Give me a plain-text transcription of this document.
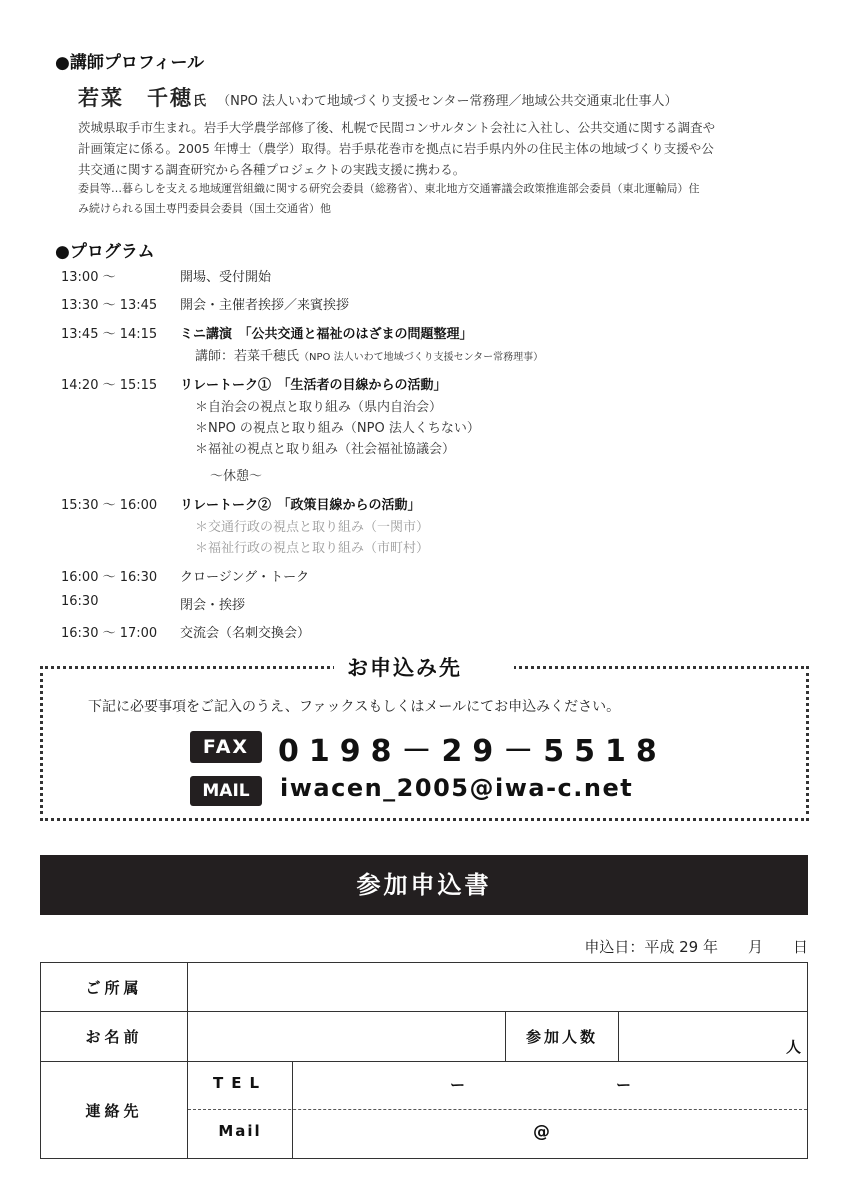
●講師プロフィール
若菜　千穂氏 （NPO 法人いわて地域づくり支援センター常務理／地域公共交通東北仕事人）
茨城県取手市生まれ。岩手大学農学部修了後、札幌で民間コンサルタント会社に入社し、公共交通に関する調査や
計画策定に係る。2005 年博士（農学）取得。岩手県花巻市を拠点に岩手県内外の住民主体の地域づくり支援や公
共交通に関する調査研究から各種プロジェクトの実践支援に携わる。
委員等…暮らしを支える地域運営組織に関する研究会委員（総務省）、東北地方交通審議会政策推進部会委員（東北運輸局）住
み続けられる国土専門委員会委員（国土交通省）他
●プログラム
13:00 〜	開場、受付開始
13:30 〜 13:45 開会・主催者挨拶／来賓挨拶
13:45 〜 14:15 ミニ講演　「公共交通と福祉のはざまの問題整理」
講師：若菜千穂氏（NPO 法人いわて地域づくり支援センター常務理事）
14:20 〜 15:15 リレートーク①　「生活者の目線からの活動」
＊自治会の視点と取り組み（県内自治会）
＊NPO の視点と取り組み（NPO 法人くちない）
＊福祉の視点と取り組み（社会福祉協議会）
〜休憩〜
15:30 〜 16:00 リレートーク②　「政策目線からの活動」
＊交通行政の視点と取り組み（一関市）
＊福祉行政の視点と取り組み（市町村）
16:00 〜 16:30 クロージング・トーク
16:30	閉会・挨拶
16:30 〜 17:00 交流会（名刺交換会）
お申込み先
下記に必要事項をご記入のうえ、ファックスもしくはメールにてお申込みください。
FAX 0198－29－5518
MAIL	iwacen_2005@iwa-c.net
参加申込書
申込日：平成 29 年　　月　　日
ご所属			
お名前		参加人数	人
連絡先	TEL ー ー
Mail @		
